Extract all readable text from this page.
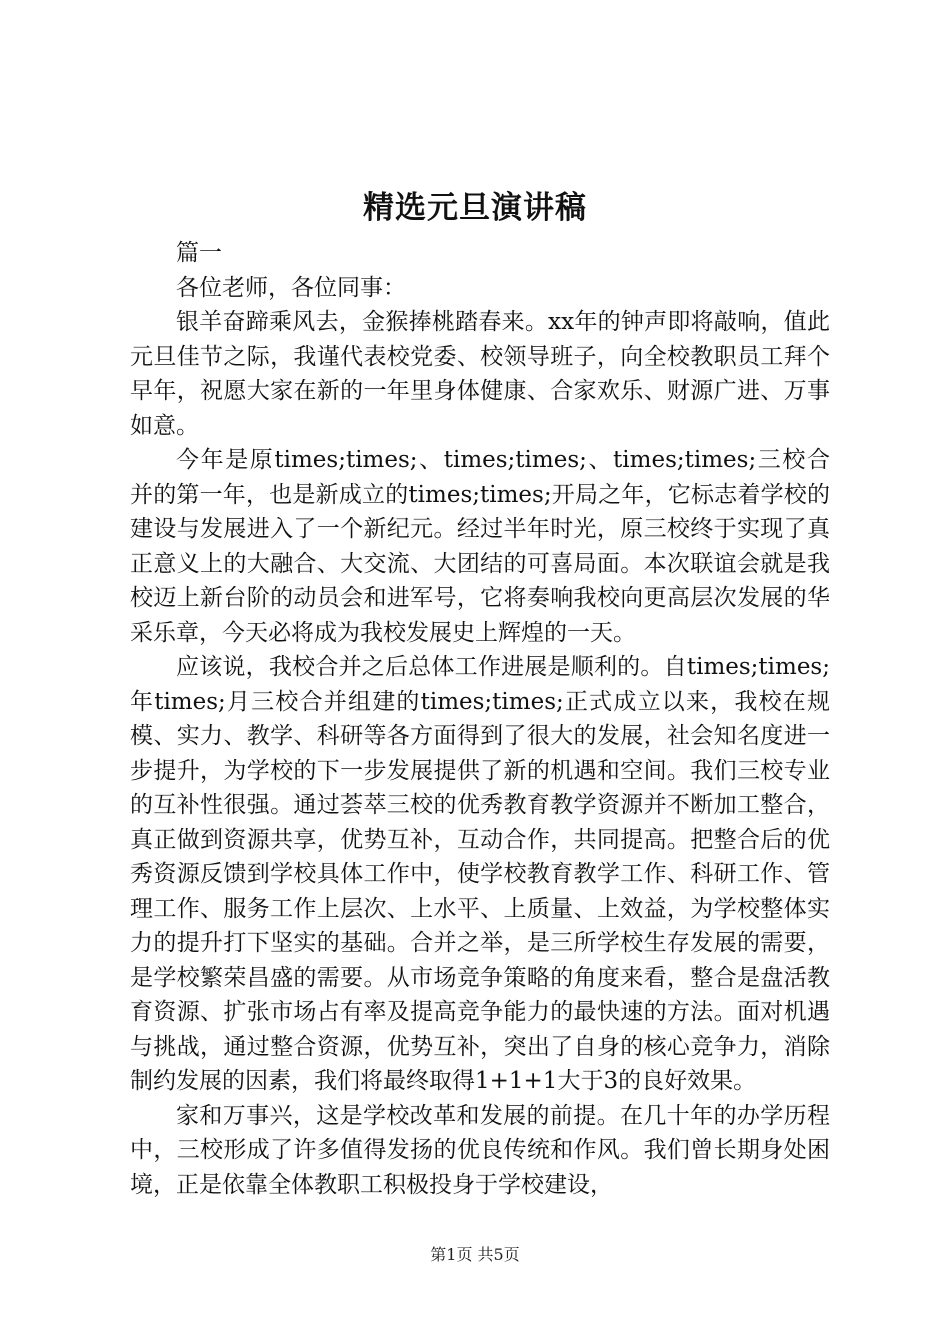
精选元旦演讲稿

篇一

各位老师，各位同事：

银羊奋蹄乘风去，金猴捧桃踏春来。xx年的钟声即将敲响，值此元旦佳节之际，我谨代表校党委、校领导班子，向全校教职员工拜个早年，祝愿大家在新的一年里身体健康、合家欢乐、财源广进、万事如意。

今年是原times;times;、times;times;、times;times;三校合并的第一年，也是新成立的times;times;开局之年，它标志着学校的建设与发展进入了一个新纪元。经过半年时光，原三校终于实现了真正意义上的大融合、大交流、大团结的可喜局面。本次联谊会就是我校迈上新台阶的动员会和进军号，它将奏响我校向更高层次发展的华采乐章，今天必将成为我校发展史上辉煌的一天。

应该说，我校合并之后总体工作进展是顺利的。自times;times;年times;月三校合并组建的times;times;正式成立以来，我校在规模、实力、教学、科研等各方面得到了很大的发展，社会知名度进一步提升，为学校的下一步发展提供了新的机遇和空间。我们三校专业的互补性很强。通过荟萃三校的优秀教育教学资源并不断加工整合，真正做到资源共享，优势互补，互动合作，共同提高。把整合后的优秀资源反馈到学校具体工作中，使学校教育教学工作、科研工作、管理工作、服务工作上层次、上水平、上质量、上效益，为学校整体实力的提升打下坚实的基础。合并之举，是三所学校生存发展的需要，是学校繁荣昌盛的需要。从市场竞争策略的角度来看，整合是盘活教育资源、扩张市场占有率及提高竞争能力的最快速的方法。面对机遇与挑战，通过整合资源，优势互补，突出了自身的核心竞争力，消除制约发展的因素，我们将最终取得1+1+1大于3的良好效果。

家和万事兴，这是学校改革和发展的前提。在几十年的办学历程中，三校形成了许多值得发扬的优良传统和作风。我们曾长期身处困境，正是依靠全体教职工积极投身于学校建设，

第1页 共5页
